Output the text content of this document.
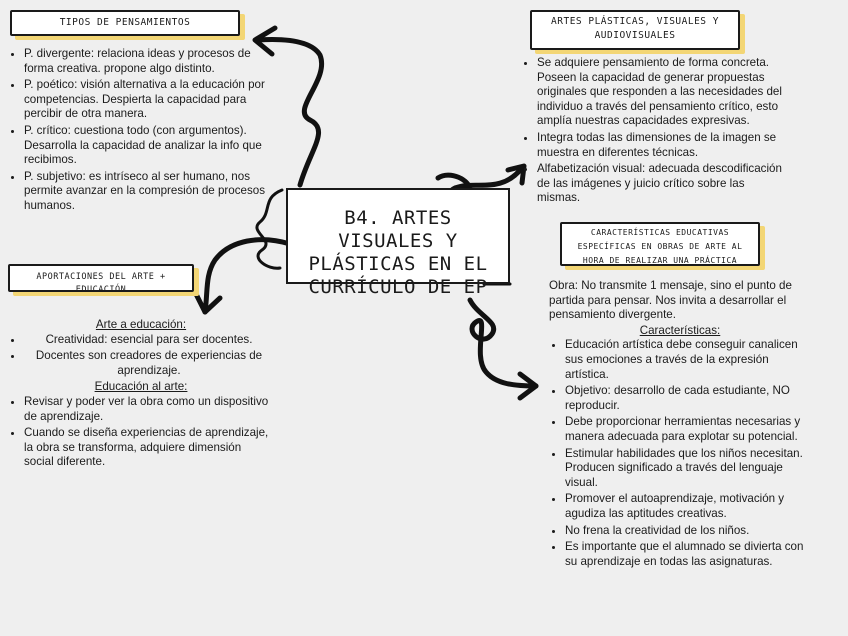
B4. ARTES VISUALES Y PLÁSTICAS EN EL CURRÍCULO DE EP
TIPOS DE PENSAMIENTOS
• P. divergente: relaciona ideas y procesos de forma creativa. propone algo distinto.
• P. poético: visión alternativa a la educación por competencias. Despierta la capacidad para percibir de otra manera.
• P. crítico: cuestiona todo (con argumentos). Desarrolla la capacidad de analizar la info que recibimos.
• P. subjetivo: es intríseco al ser humano, nos permite avanzar en la compresión de procesos humanos.
ARTES PLÁSTICAS, VISUALES Y AUDIOVISUALES
• Se adquiere pensamiento de forma concreta. Poseen la capacidad de generar propuestas originales que responden a las necesidades del individuo a través del pensamiento crítico, esto amplía nuestras capacidades expresivas.
• Integra todas las dimensiones de la imagen se muestra en diferentes técnicas.
• Alfabetización visual: adecuada descodificación de las imágenes y juicio crítico sobre las mismas.
APORTACIONES DEL ARTE + EDUCACIÓN
Arte a educación:
• Creatividad: esencial para ser docentes.
• Docentes son creadores de experiencias de aprendizaje.
Educación al arte:
• Revisar y poder ver la obra como un dispositivo de aprendizaje.
• Cuando se diseña experiencias de aprendizaje, la obra se transforma, adquiere dimensión social diferente.
CARACTERÍSTICAS EDUCATIVAS ESPECÍFICAS EN OBRAS DE ARTE AL HORA DE REALIZAR UNA PRÁCTICA
Obra: No transmite 1 mensaje, sino el punto de partida para pensar. Nos invita a desarrollar el pensamiento divergente.
Características:
• Educación artística debe conseguir canalicen sus emociones a través de la expresión artística.
• Objetivo: desarrollo de cada estudiante, NO reproducir.
• Debe proporcionar herramientas necesarias y manera adecuada para explotar su potencial.
• Estimular habilidades que los niños necesitan. Producen significado a través del lenguaje visual.
• Promover el autoaprendizaje, motivación y agudiza las aptitudes creativas.
• No frena la creatividad de los niños.
• Es importante que el alumnado se divierta con su aprendizaje en todas las asignaturas.
